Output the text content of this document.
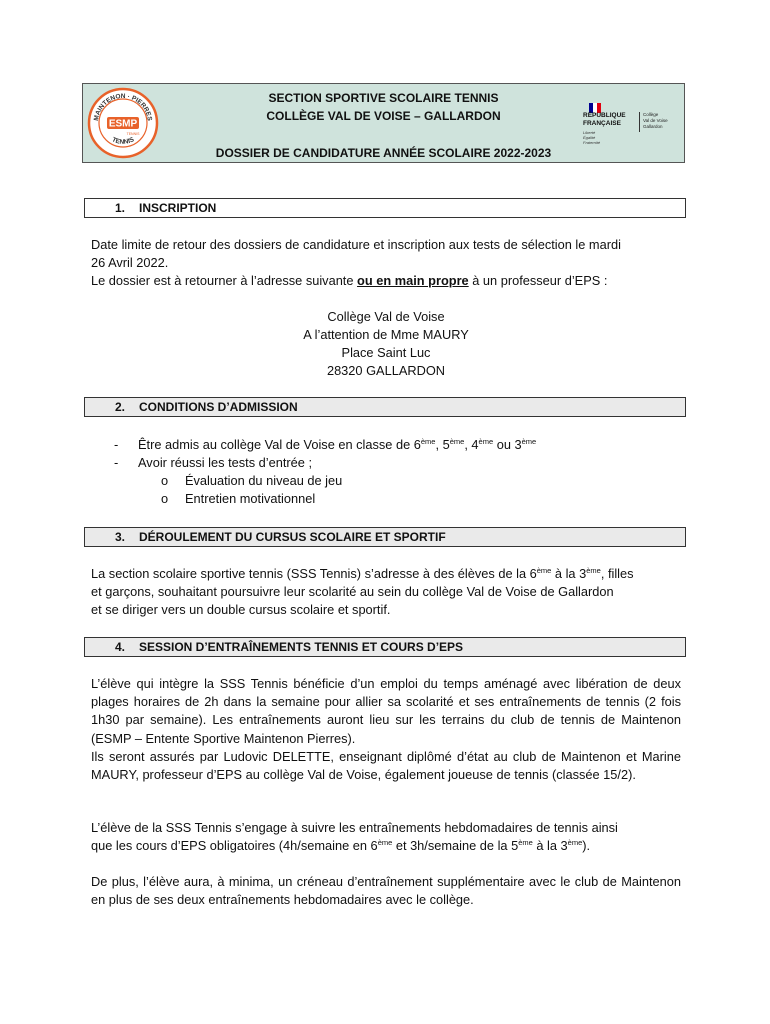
MAINTENON · PIERRES
TENNIS
ESMP
TENNIS
SECTION SPORTIVE SCOLAIRE TENNIS
COLLÈGE VAL DE VOISE – GALLARDON
DOSSIER DE CANDIDATURE ANNÉE SCOLAIRE 2022-2023
RÉPUBLIQUE
FRANÇAISE
Liberté
Égalité
Fraternité
Collège
Val de Voise
Gallardon
1. INSCRIPTION
Date limite de retour des dossiers de candidature et inscription aux tests de sélection le mardi
26 Avril 2022.
Le dossier est à retourner à l’adresse suivante ou en main propre à un professeur d’EPS :
Collège Val de Voise
A l’attention de Mme MAURY
Place Saint Luc
28320 GALLARDON
2. CONDITIONS D’ADMISSION
- Être admis au collège Val de Voise en classe de 6ème, 5ème, 4ème ou 3ème
- Avoir réussi les tests d’entrée ;
o Évaluation du niveau de jeu
o Entretien motivationnel
3. DÉROULEMENT DU CURSUS SCOLAIRE ET SPORTIF
La section scolaire sportive tennis (SSS Tennis) s’adresse à des élèves de la 6ème à la 3ème, filles
et garçons, souhaitant poursuivre leur scolarité au sein du collège Val de Voise de Gallardon
et se diriger vers un double cursus scolaire et sportif.
4. SESSION D’ENTRAÎNEMENTS TENNIS ET COURS D’EPS
L’élève qui intègre la SSS Tennis bénéficie d’un emploi du temps aménagé avec libération de deux plages horaires de 2h dans la semaine pour allier sa scolarité et ses entraînements de tennis (2 fois 1h30 par semaine). Les entraînements auront lieu sur les terrains du club de tennis de Maintenon (ESMP – Entente Sportive Maintenon Pierres).
Ils seront assurés par Ludovic DELETTE, enseignant diplômé d’état au club de Maintenon et Marine MAURY, professeur d’EPS au collège Val de Voise, également joueuse de tennis (classée 15/2).
L’élève de la SSS Tennis s’engage à suivre les entraînements hebdomadaires de tennis ainsi
que les cours d’EPS obligatoires (4h/semaine en 6ème et 3h/semaine de la 5ème à la 3ème).
De plus, l’élève aura, à minima, un créneau d’entraînement supplémentaire avec le club de Maintenon en plus de ses deux entraînements hebdomadaires avec le collège.
